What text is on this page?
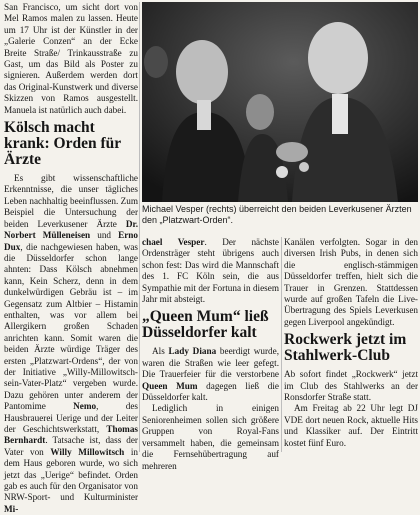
San Francisco, um sicht dort von Mel Ramos malen zu lassen. Heute um 17 Uhr ist der Künstler in der „Galerie Conzen“ an der Ecke Breite Straße/ Trinkausstraße zu Gast, um das Bild als Poster zu signieren. Außerdem werden dort das Original-Kunstwerk und diverse Skizzen von Ramos ausgestellt. Manuela ist natürlich auch dabei.

Kölsch macht krank: Orden für Ärzte

Es gibt wissenschaftliche Erkenntnisse, die unser tägliches Leben nachhaltig beeinflussen. Zum Beispiel die Untersuchung der beiden Leverkusener Ärzte Dr. Norbert Mülleneisen und Erno Dux, die nachgewiesen haben, was die Düsseldorfer schon lange ahnten: Dass Kölsch abnehmen kann, Kein Scherz, denn in dem dunkelwürdigen Gebräu ist – im Gegensatz zum Altbier – Histamin enthalten, was vor allem bei Allergikern großen Schaden anrichten kann. Somit waren die beiden Ärzte würdige Träger des ersten „Platzwart-Ordens“, der von der Initiative „Willy-Millowitsch-sein-Vater-Platz“ vergeben wurde. Dazu gehören unter anderem der Pantomime Nemo, des Hausbrauerei Uerige und der Leiter der Geschichtswerkstatt, Thomas Bernhardt. Tatsache ist, dass der Vater von Willy Millowitsch in dem Haus geboren wurde, wo sich jetzt das „Uerige“ befindet. Orden gab es auch für den Organisator von NRW-Sport- und Kulturminister Mi-

Michael Vesper (rechts) überreicht den beiden Leverkusener Ärzten den „Platzwart-Orden“.

chael Vesper. Der nächste Ordensträger steht übrigens auch schon fest: Das wird die Mannschaft des 1. FC Köln sein, die aus Sympathie mit der Fortuna in diesem Jahr mit absteigt.

„Queen Mum“ ließ Düsseldorfer kalt

Als Lady Diana beerdigt wurde, waren die Straßen wie leer gefegt. Die Trauerfeier für die verstorbene Queen Mum dagegen ließ die Düsseldorfer kalt.

Lediglich in einigen Seniorenheimen sollen sich größere Gruppen von Royal-Fans versammelt haben, die gemeinsam die Fernsehübertragung auf mehreren

Kanälen verfolgten. Sogar in den diversen Irish Pubs, in denen sich die englisch-stämmigen Düsseldorfer treffen, hielt sich die Trauer in Grenzen. Stattdessen wurde auf großen Tafeln die Live-Übertragung des Spiels Leverkusen gegen Liverpool angekündigt.

Rockwerk jetzt im Stahlwerk-Club

Ab sofort findet „Rockwerk“ jetzt im Club des Stahlwerks an der Ronsdorfer Straße statt.

Am Freitag ab 22 Uhr legt DJ VDE dort neuen Rock, aktuelle Hits und Klassiker auf. Der Eintritt kostet fünf Euro.
